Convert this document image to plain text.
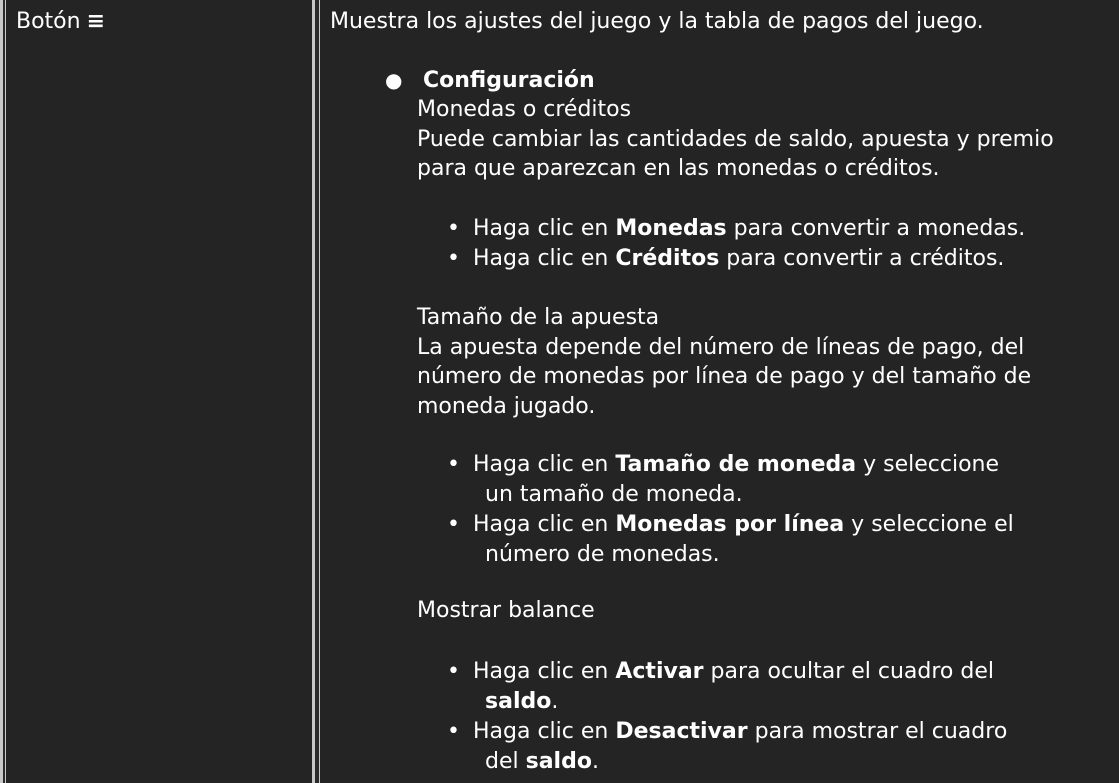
Botón ≡	Muestra los ajustes del juego y la tabla de pagos del juego.
● Configuración
Monedas o créditos
Puede cambiar las cantidades de saldo, apuesta y premio
para que aparezcan en las monedas o créditos.
• Haga clic en Monedas para convertir a monedas.
• Haga clic en Créditos para convertir a créditos.
Tamaño de la apuesta
La apuesta depende del número de líneas de pago, del
número de monedas por línea de pago y del tamaño de
moneda jugado.
• Haga clic en Tamaño de moneda y seleccione
un tamaño de moneda.
• Haga clic en Monedas por línea y seleccione el
número de monedas.
Mostrar balance
• Haga clic en Activar para ocultar el cuadro del
saldo.
• Haga clic en Desactivar para mostrar el cuadro
del saldo.
